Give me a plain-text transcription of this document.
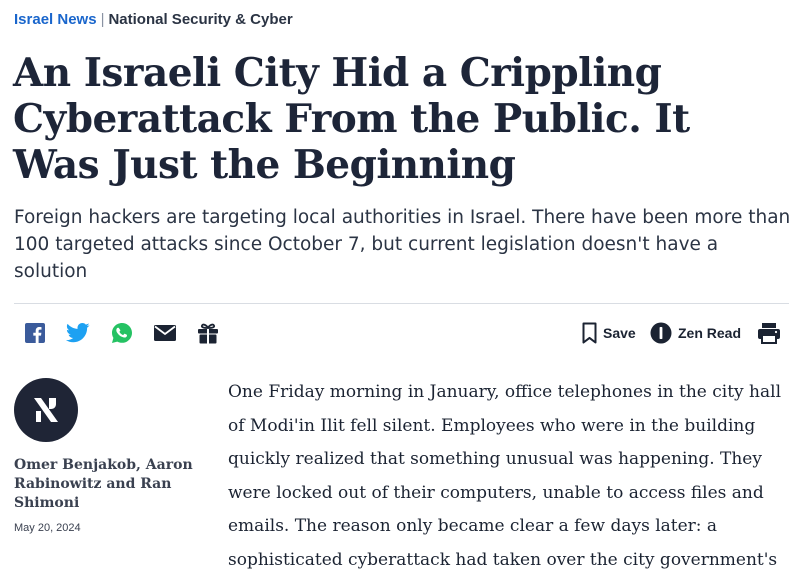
Israel News | National Security & Cyber
An Israeli City Hid a Crippling Cyberattack From the Public. It Was Just the Beginning

Foreign hackers are targeting local authorities in Israel. There have been more than 100 targeted attacks since October 7, but current legislation doesn't have a solution

Save	Zen Read
Omer Benjakob, Aaron Rabinowitz and Ran Shimoni
May 20, 2024

One Friday morning in January, office telephones in the city hall of Modi'in Ilit fell silent. Employees who were in the building quickly realized that something unusual was happening. They were locked out of their computers, unable to access files and emails. The reason only became clear a few days later: a sophisticated cyberattack had taken over the city government's
